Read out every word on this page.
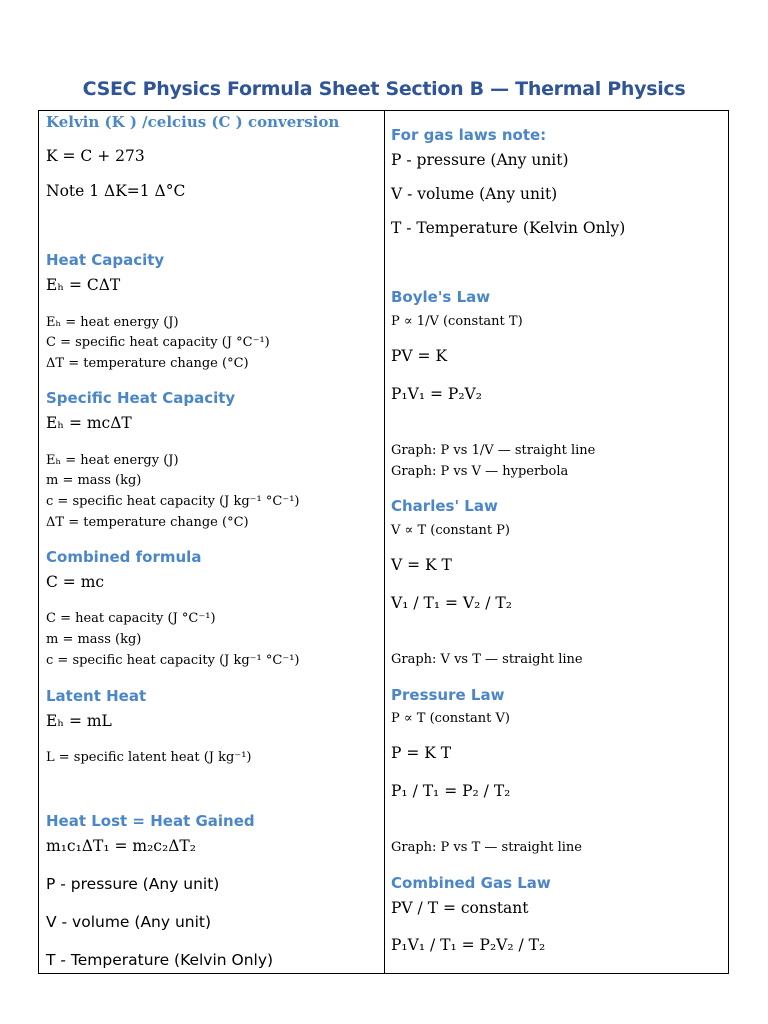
CSEC Physics Formula Sheet Section B — Thermal Physics
Kelvin (K ) /celcius (C ) conversion
K = C + 273
Note 1 ΔK=1 Δ°C
Heat Capacity
Eₕ = CΔT
Eₕ = heat energy (J)
C = specific heat capacity (J °C⁻¹)
ΔT = temperature change (°C)
Specific Heat Capacity
Eₕ = mcΔT
Eₕ = heat energy (J)
m = mass (kg)
c = specific heat capacity (J kg⁻¹ °C⁻¹)
ΔT = temperature change (°C)
Combined formula
C = mc
C = heat capacity (J °C⁻¹)
m = mass (kg)
c = specific heat capacity (J kg⁻¹ °C⁻¹)
Latent Heat
Eₕ = mL
L = specific latent heat (J kg⁻¹)
Heat Lost = Heat Gained
m₁c₁ΔT₁ = m₂c₂ΔT₂
P - pressure (Any unit)
V - volume (Any unit)
T - Temperature (Kelvin Only)
For gas laws note:
P - pressure (Any unit)
V - volume (Any unit)
T - Temperature (Kelvin Only)
Boyle's Law
P ∝ 1/V (constant T)
PV = K
P₁V₁ = P₂V₂
Graph: P vs 1/V — straight line
Graph: P vs V — hyperbola
Charles' Law
V ∝ T (constant P)
V = K T
V₁ / T₁ = V₂ / T₂
Graph: V vs T — straight line
Pressure Law
P ∝ T (constant V)
P = K T
P₁ / T₁ = P₂ / T₂
Graph: P vs T — straight line
Combined Gas Law
PV / T = constant
P₁V₁ / T₁ = P₂V₂ / T₂
